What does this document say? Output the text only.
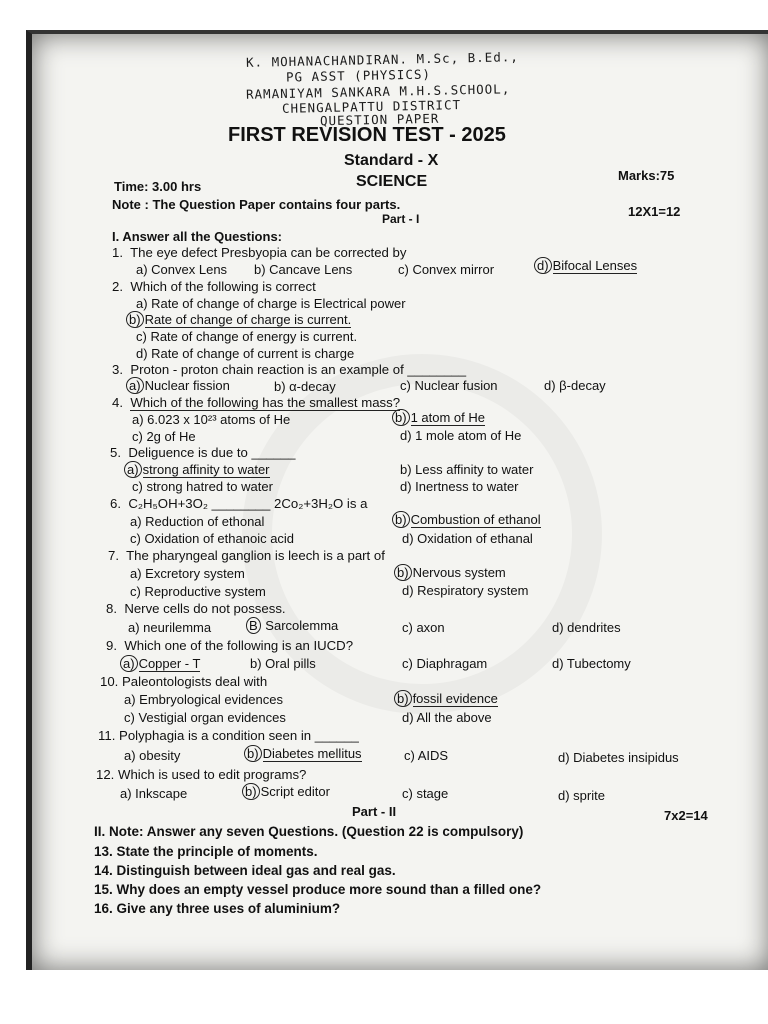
K. MOHANACHANDIRAN. M.Sc, B.Ed.,
PG ASST (PHYSICS)
RAMANIYAM SANKARA M.H.S.SCHOOL,
CHENGALPATTU DISTRICT
QUESTION PAPER
FIRST REVISION TEST - 2025
Standard - X
Time: 3.00 hrs	SCIENCE	Marks:75
Note : The Question Paper contains four parts.
Part - I	12X1=12
I. Answer all the Questions:
1. The eye defect Presbyopia can be corrected by
a) Convex Lens b) Cancave Lens	c) Convex mirror	d) Bifocal Lenses
2. Which of the following is correct
a) Rate of change of charge is Electrical power
b) Rate of change of charge is current.
c) Rate of change of energy is current.
d) Rate of change of current is charge
3. Proton - proton chain reaction is an example of ________
a) Nuclear fission	b) α-decay	c) Nuclear fusion	d) β-decay
4. Which of the following has the smallest mass?
a) 6.023 x 10²³ atoms of He	b) 1 atom of He
c) 2g of He	d) 1 mole atom of He
5. Deliguence is due to ______
a) strong affinity to water	b) Less affinity to water
c) strong hatred to water	d) Inertness to water
6. C₂H₅OH+3O₂ ________ 2Co₂+3H₂O is a
a) Reduction of ethonal	b) Combustion of ethanol
c) Oxidation of ethanoic acid	d) Oxidation of ethanal
7. The pharyngeal ganglion is leech is a part of
a) Excretory system	b) Nervous system
c) Reproductive system	d) Respiratory system
8. Nerve cells do not possess.
a) neurilemma	B Sarcolemma	c) axon	d) dendrites
9. Which one of the following is an IUCD?
a) Copper - T	b) Oral pills	c) Diaphragam	d) Tubectomy
10. Paleontologists deal with
a) Embryological evidences	b) fossil evidence
c) Vestigial organ evidences	d) All the above
11. Polyphagia is a condition seen in ______
a) obesity	b) Diabetes mellitus	c) AIDS	d) Diabetes insipidus
12. Which is used to edit programs?
a) Inkscape	b) Script editor	c) stage	d) sprite
Part - II	7x2=14
II. Note: Answer any seven Questions. (Question 22 is compulsory)
13. State the principle of moments.
14. Distinguish between ideal gas and real gas.
15. Why does an empty vessel produce more sound than a filled one?
16. Give any three uses of aluminium?
